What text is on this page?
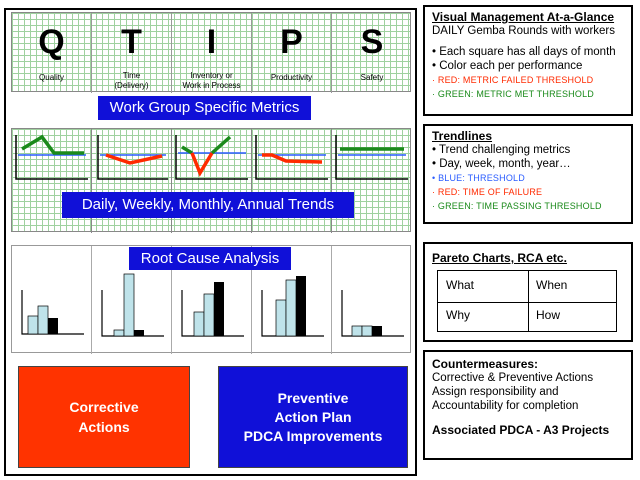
Q
Quality
T
Time
(Delivery)
I
Inventory or
Work in Process
P
Productivity
S
Safety
Work Group Specific Metrics
Daily, Weekly, Monthly, Annual Trends
Root Cause Analysis
Corrective
Actions
Preventive
Action Plan
PDCA Improvements
Visual Management At-a-Glance
DAILY Gemba Rounds with workers
• Each square has all days of month
• Color each per performance
· RED: METRIC FAILED THRESHOLD
· GREEN: METRIC MET THRESHOLD
Trendlines
• Trend challenging metrics
• Day, week, month, year…
• BLUE: THRESHOLD
· RED: TIME OF FAILURE
· GREEN: TIME PASSING THRESHOLD
Pareto Charts, RCA etc.
What	When
Why	How
Countermeasures:
Corrective & Preventive Actions
Assign responsibility and
Accountability for completion
Associated PDCA - A3 Projects
